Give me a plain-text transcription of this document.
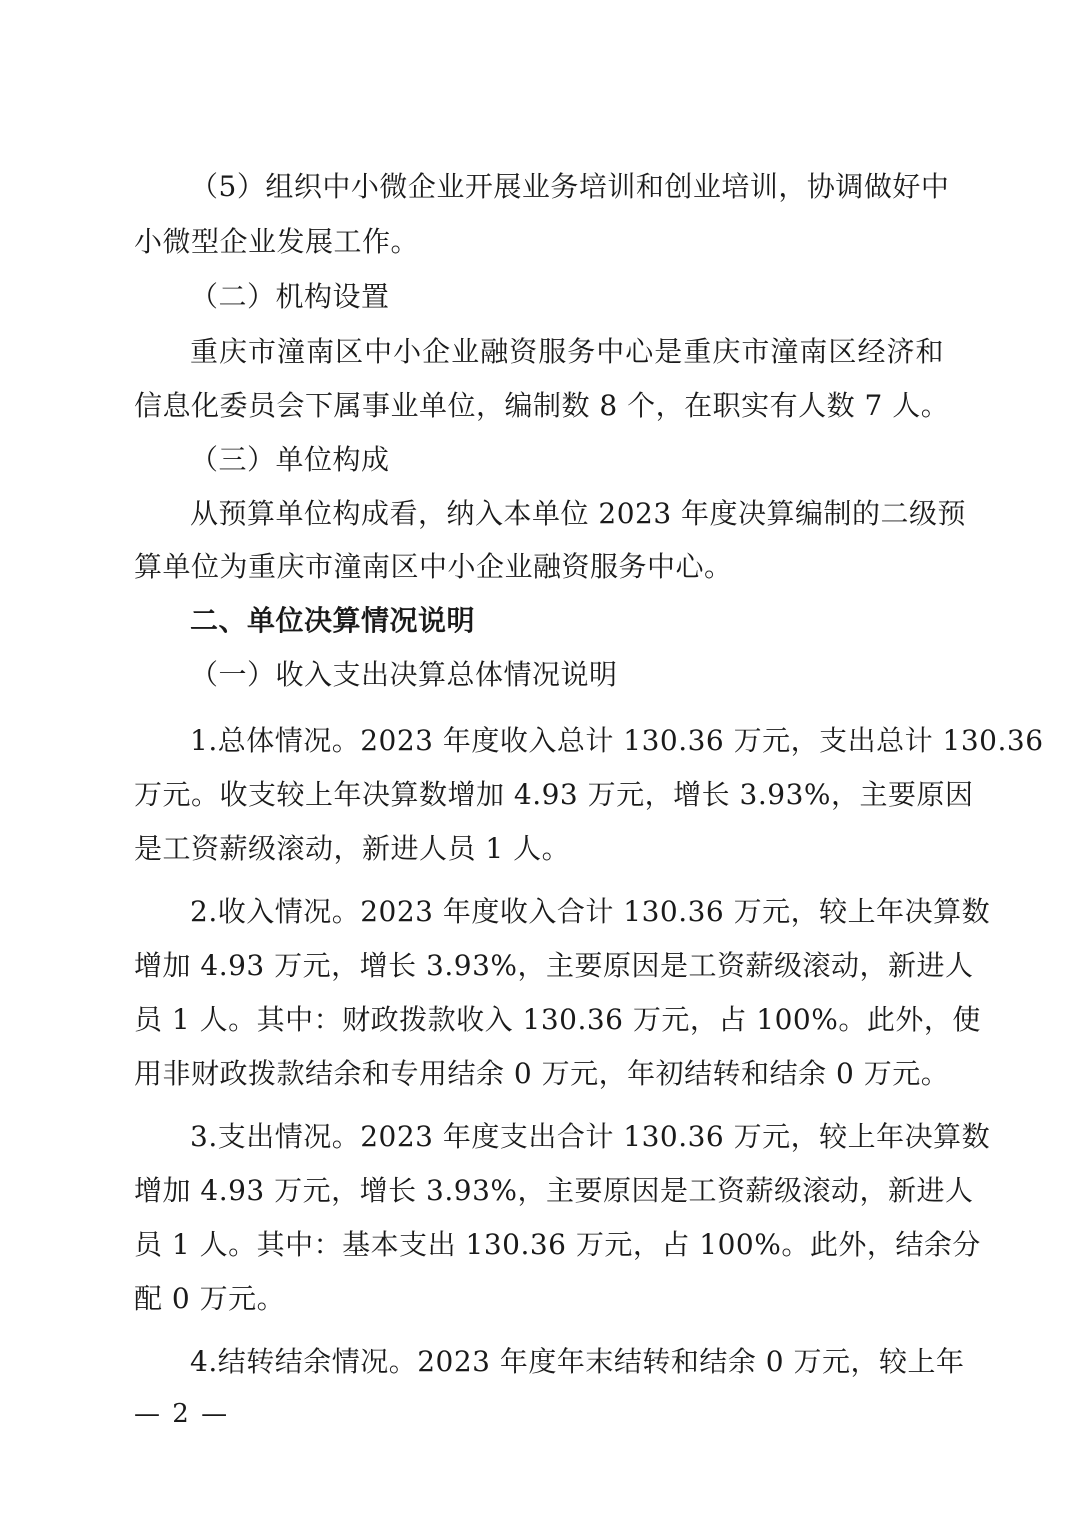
（5）组织中小微企业开展业务培训和创业培训，协调做好中
小微型企业发展工作。
（二）机构设置
重庆市潼南区中小企业融资服务中心是重庆市潼南区经济和
信息化委员会下属事业单位，编制数 8 个，在职实有人数 7 人。
（三）单位构成
从预算单位构成看，纳入本单位 2023 年度决算编制的二级预
算单位为重庆市潼南区中小企业融资服务中心。
二、单位决算情况说明
（一）收入支出决算总体情况说明
1.总体情况。2023 年度收入总计 130.36 万元，支出总计 130.36
万元。收支较上年决算数增加 4.93 万元，增长 3.93%，主要原因
是工资薪级滚动，新进人员 1 人。
2.收入情况。2023 年度收入合计 130.36 万元，较上年决算数
增加 4.93 万元，增长 3.93%，主要原因是工资薪级滚动，新进人
员 1 人。其中：财政拨款收入 130.36 万元，占 100%。此外，使
用非财政拨款结余和专用结余 0 万元，年初结转和结余 0 万元。
3.支出情况。2023 年度支出合计 130.36 万元，较上年决算数
增加 4.93 万元，增长 3.93%，主要原因是工资薪级滚动，新进人
员 1 人。其中：基本支出 130.36 万元，占 100%。此外，结余分
配 0 万元。
4.结转结余情况。2023 年度年末结转和结余 0 万元，较上年
— 2 —
